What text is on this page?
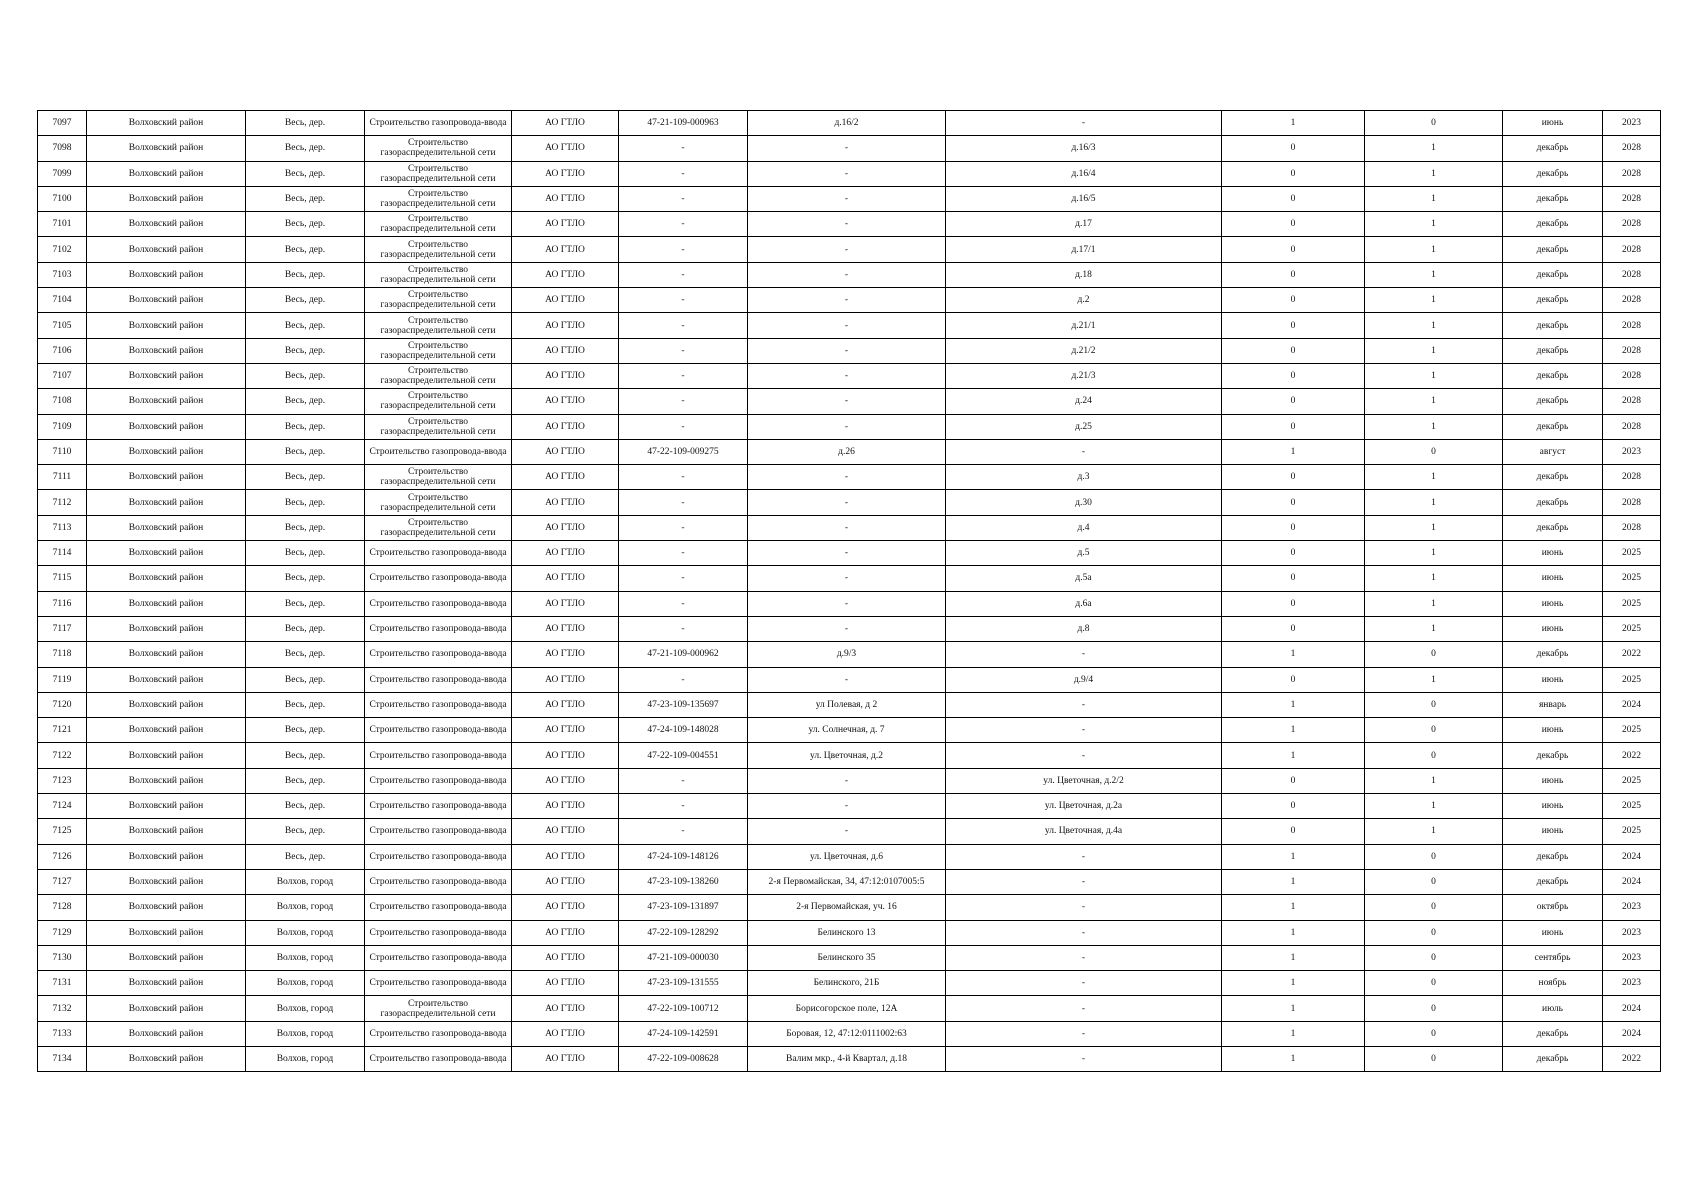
7097	Волховский район	Весь, дер.	Строительство газопровода-ввода	АО ГТЛО	47-21-109-000963	д.16/2	-	1	0	июнь	2023
7098	Волховский район	Весь, дер.	Строительство газораспределительной сети	АО ГТЛО	-	-	д.16/3	0	1	декабрь	2028
7099	Волховский район	Весь, дер.	Строительство газораспределительной сети	АО ГТЛО	-	-	д.16/4	0	1	декабрь	2028
7100	Волховский район	Весь, дер.	Строительство газораспределительной сети	АО ГТЛО	-	-	д.16/5	0	1	декабрь	2028
7101	Волховский район	Весь, дер.	Строительство газораспределительной сети	АО ГТЛО	-	-	д.17	0	1	декабрь	2028
7102	Волховский район	Весь, дер.	Строительство газораспределительной сети	АО ГТЛО	-	-	д.17/1	0	1	декабрь	2028
7103	Волховский район	Весь, дер.	Строительство газораспределительной сети	АО ГТЛО	-	-	д.18	0	1	декабрь	2028
7104	Волховский район	Весь, дер.	Строительство газораспределительной сети	АО ГТЛО	-	-	д.2	0	1	декабрь	2028
7105	Волховский район	Весь, дер.	Строительство газораспределительной сети	АО ГТЛО	-	-	д.21/1	0	1	декабрь	2028
7106	Волховский район	Весь, дер.	Строительство газораспределительной сети	АО ГТЛО	-	-	д.21/2	0	1	декабрь	2028
7107	Волховский район	Весь, дер.	Строительство газораспределительной сети	АО ГТЛО	-	-	д.21/3	0	1	декабрь	2028
7108	Волховский район	Весь, дер.	Строительство газораспределительной сети	АО ГТЛО	-	-	д.24	0	1	декабрь	2028
7109	Волховский район	Весь, дер.	Строительство газораспределительной сети	АО ГТЛО	-	-	д.25	0	1	декабрь	2028
7110	Волховский район	Весь, дер.	Строительство газопровода-ввода	АО ГТЛО	47-22-109-009275	д.26	-	1	0	август	2023
7111	Волховский район	Весь, дер.	Строительство газораспределительной сети	АО ГТЛО	-	-	д.3	0	1	декабрь	2028
7112	Волховский район	Весь, дер.	Строительство газораспределительной сети	АО ГТЛО	-	-	д.30	0	1	декабрь	2028
7113	Волховский район	Весь, дер.	Строительство газораспределительной сети	АО ГТЛО	-	-	д.4	0	1	декабрь	2028
7114	Волховский район	Весь, дер.	Строительство газопровода-ввода	АО ГТЛО	-	-	д.5	0	1	июнь	2025
7115	Волховский район	Весь, дер.	Строительство газопровода-ввода	АО ГТЛО	-	-	д.5а	0	1	июнь	2025
7116	Волховский район	Весь, дер.	Строительство газопровода-ввода	АО ГТЛО	-	-	д.6а	0	1	июнь	2025
7117	Волховский район	Весь, дер.	Строительство газопровода-ввода	АО ГТЛО	-	-	д.8	0	1	июнь	2025
7118	Волховский район	Весь, дер.	Строительство газопровода-ввода	АО ГТЛО	47-21-109-000962	д.9/3	-	1	0	декабрь	2022
7119	Волховский район	Весь, дер.	Строительство газопровода-ввода	АО ГТЛО	-	-	д.9/4	0	1	июнь	2025
7120	Волховский район	Весь, дер.	Строительство газопровода-ввода	АО ГТЛО	47-23-109-135697	ул Полевая, д 2	-	1	0	январь	2024
7121	Волховский район	Весь, дер.	Строительство газопровода-ввода	АО ГТЛО	47-24-109-148028	ул. Солнечная, д. 7	-	1	0	июнь	2025
7122	Волховский район	Весь, дер.	Строительство газопровода-ввода	АО ГТЛО	47-22-109-004551	ул. Цветочная, д.2	-	1	0	декабрь	2022
7123	Волховский район	Весь, дер.	Строительство газопровода-ввода	АО ГТЛО	-	-	ул. Цветочная, д.2/2	0	1	июнь	2025
7124	Волховский район	Весь, дер.	Строительство газопровода-ввода	АО ГТЛО	-	-	ул. Цветочная, д.2а	0	1	июнь	2025
7125	Волховский район	Весь, дер.	Строительство газопровода-ввода	АО ГТЛО	-	-	ул. Цветочная, д.4а	0	1	июнь	2025
7126	Волховский район	Весь, дер.	Строительство газопровода-ввода	АО ГТЛО	47-24-109-148126	ул. Цветочная, д.6	-	1	0	декабрь	2024
7127	Волховский район	Волхов, город	Строительство газопровода-ввода	АО ГТЛО	47-23-109-138260	2-я Первомайская, 34, 47:12:0107005:5	-	1	0	декабрь	2024
7128	Волховский район	Волхов, город	Строительство газопровода-ввода	АО ГТЛО	47-23-109-131897	2-я Первомайская, уч. 16	-	1	0	октябрь	2023
7129	Волховский район	Волхов, город	Строительство газопровода-ввода	АО ГТЛО	47-22-109-128292	Белинского 13	-	1	0	июнь	2023
7130	Волховский район	Волхов, город	Строительство газопровода-ввода	АО ГТЛО	47-21-109-000030	Белинского 35	-	1	0	сентябрь	2023
7131	Волховский район	Волхов, город	Строительство газопровода-ввода	АО ГТЛО	47-23-109-131555	Белинского, 21Б	-	1	0	ноябрь	2023
7132	Волховский район	Волхов, город	Строительство газораспределительной сети	АО ГТЛО	47-22-109-100712	Борисогорское поле, 12А	-	1	0	июль	2024
7133	Волховский район	Волхов, город	Строительство газопровода-ввода	АО ГТЛО	47-24-109-142591	Боровая, 12, 47:12:0111002:63	-	1	0	декабрь	2024
7134	Волховский район	Волхов, город	Строительство газопровода-ввода	АО ГТЛО	47-22-109-008628	Валим мкр., 4-й Квартал, д.18	-	1	0	декабрь	2022
